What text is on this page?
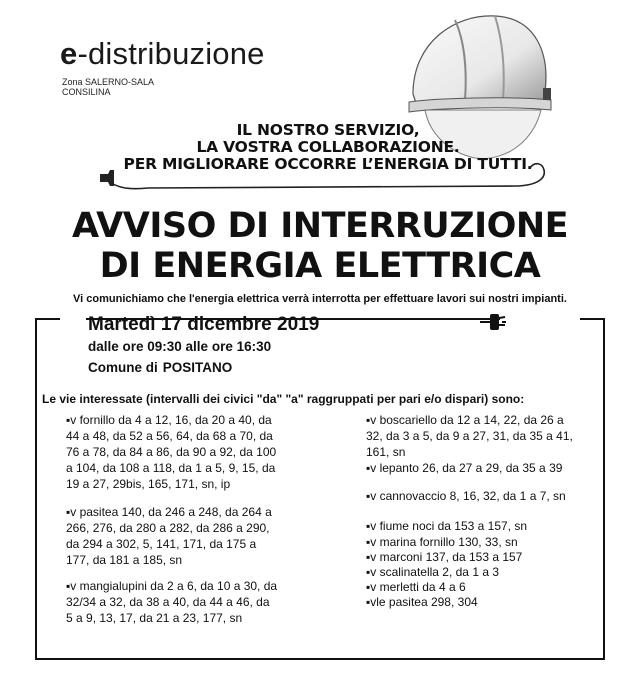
e-distribuzione
Zona SALERNO-SALA
CONSILINA
IL NOSTRO SERVIZIO,
LA VOSTRA COLLABORAZIONE.
PER MIGLIORARE OCCORRE L’ENERGIA DI TUTTI.
AVVISO DI INTERRUZIONE
DI ENERGIA ELETTRICA
Vi comunichiamo che l'energia elettrica verrà interrotta per effettuare lavori sui nostri impianti.
Martedì 17 dicembre 2019
dalle ore 09:30 alle ore 16:30
Comune di POSITANO
Le vie interessate (intervalli dei civici "da" "a" raggruppati per pari e/o dispari) sono:
▪v fornillo da 4 a 12, 16, da 20 a 40, da
44 a 48, da 52 a 56, 64, da 68 a 70, da
76 a 78, da 84 a 86, da 90 a 92, da 100
a 104, da 108 a 118, da 1 a 5, 9, 15, da
19 a 27, 29bis, 165, 171, sn, ip
▪v pasitea 140, da 246 a 248, da 264 a
266, 276, da 280 a 282, da 286 a 290,
da 294 a 302, 5, 141, 171, da 175 a
177, da 181 a 185, sn
▪v mangialupini da 2 a 6, da 10 a 30, da
32/34 a 32, da 38 a 40, da 44 a 46, da
5 a 9, 13, 17, da 21 a 23, 177, sn
▪v boscariello da 12 a 14, 22, da 26 a
32, da 3 a 5, da 9 a 27, 31, da 35 a 41,
161, sn
▪v lepanto 26, da 27 a 29, da 35 a 39
▪v cannovaccio 8, 16, 32, da 1 a 7, sn
▪v fiume noci da 153 a 157, sn
▪v marina fornillo 130, 33, sn
▪v marconi 137, da 153 a 157
▪v scalinatella 2, da 1 a 3
▪v merletti da 4 a 6
▪vle pasitea 298, 304
